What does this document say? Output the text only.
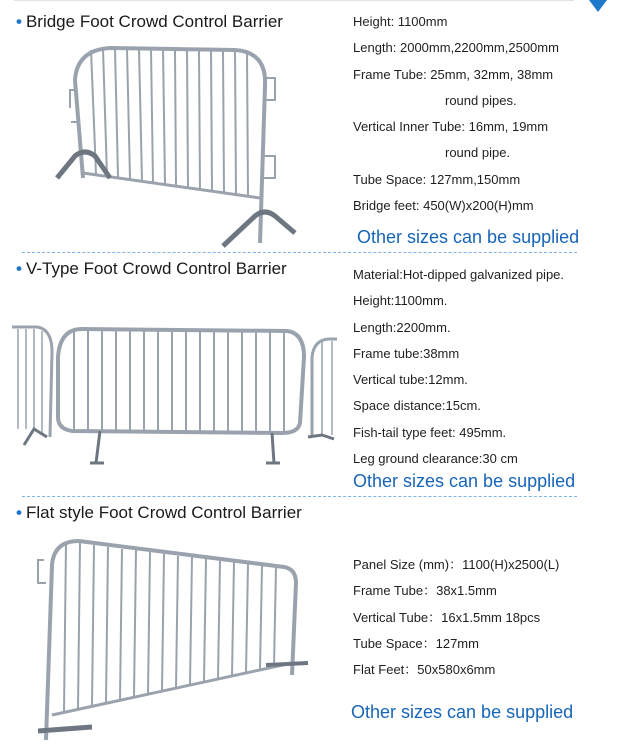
• Bridge Foot Crowd Control Barrier	Height: 1100mm
Length: 2000mm,2200mm,2500mm
Frame Tube: 25mm, 32mm, 38mm
round pipes.
Vertical Inner Tube: 16mm, 19mm
round pipe.
Tube Space: 127mm,150mm
Bridge feet: 450(W)x200(H)mm
Other sizes can be supplied
• V-Type Foot Crowd Control Barrier	Material:Hot-dipped galvanized pipe.
Height:1100mm.
Length:2200mm.
Frame tube:38mm
Vertical tube:12mm.
Space distance:15cm.
Fish-tail type feet: 495mm.
Leg ground clearance:30 cm
Other sizes can be supplied
• Flat style Foot Crowd Control Barrier
Panel Size (mm)：1100(H)x2500(L)
Frame Tube：38x1.5mm
Vertical Tube：16x1.5mm 18pcs
Tube Space：127mm
Flat Feet：50x580x6mm
Other sizes can be supplied
